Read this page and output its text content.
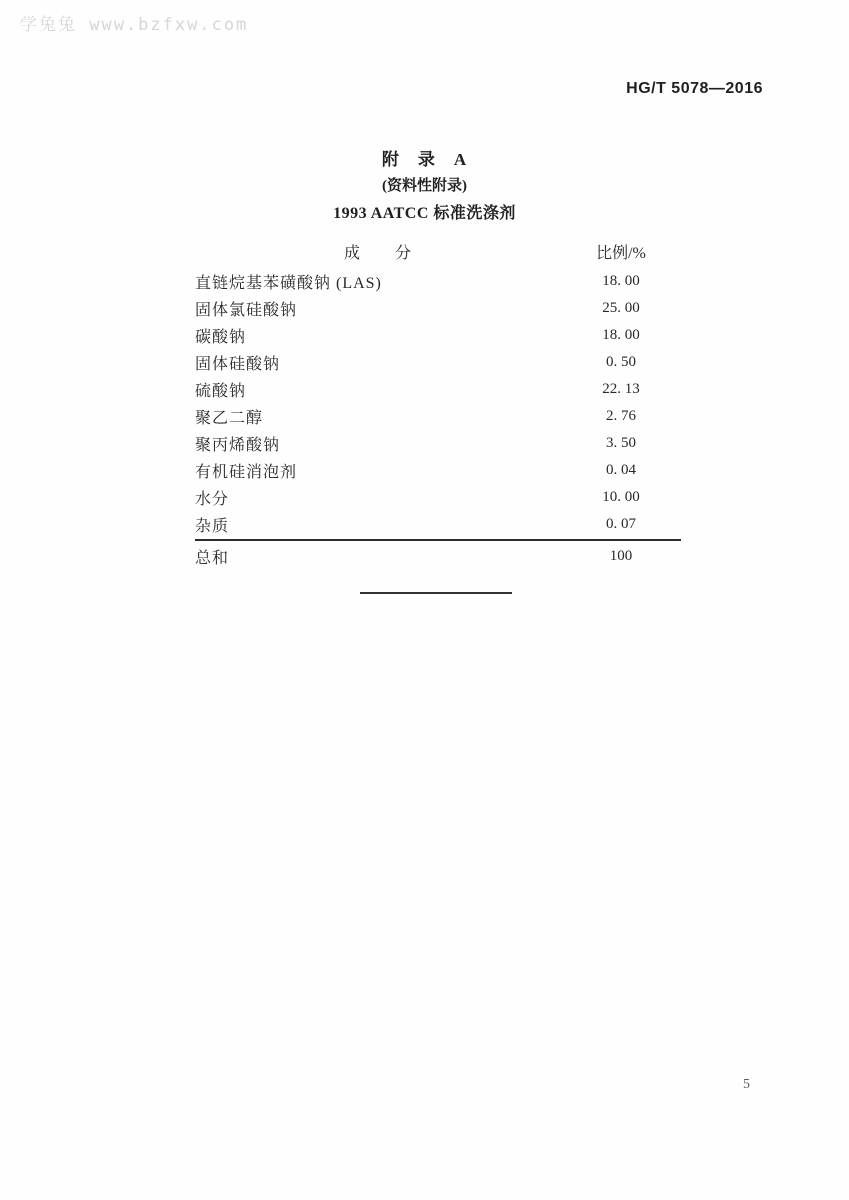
学兔兔 www.bzfxw.com
HG/T 5078—2016
附　录　A
(资料性附录)
1993 AATCC 标准洗涤剂
成　　分	比例/%
直链烷基苯磺酸钠 (LAS)	18. 00
固体氯硅酸钠	25. 00
碳酸钠	18. 00
固体硅酸钠	0. 50
硫酸钠	22. 13
聚乙二醇	2. 76
聚丙烯酸钠	3. 50
有机硅消泡剂	0. 04
水分	10. 00
杂质	0. 07
总和	100
5
